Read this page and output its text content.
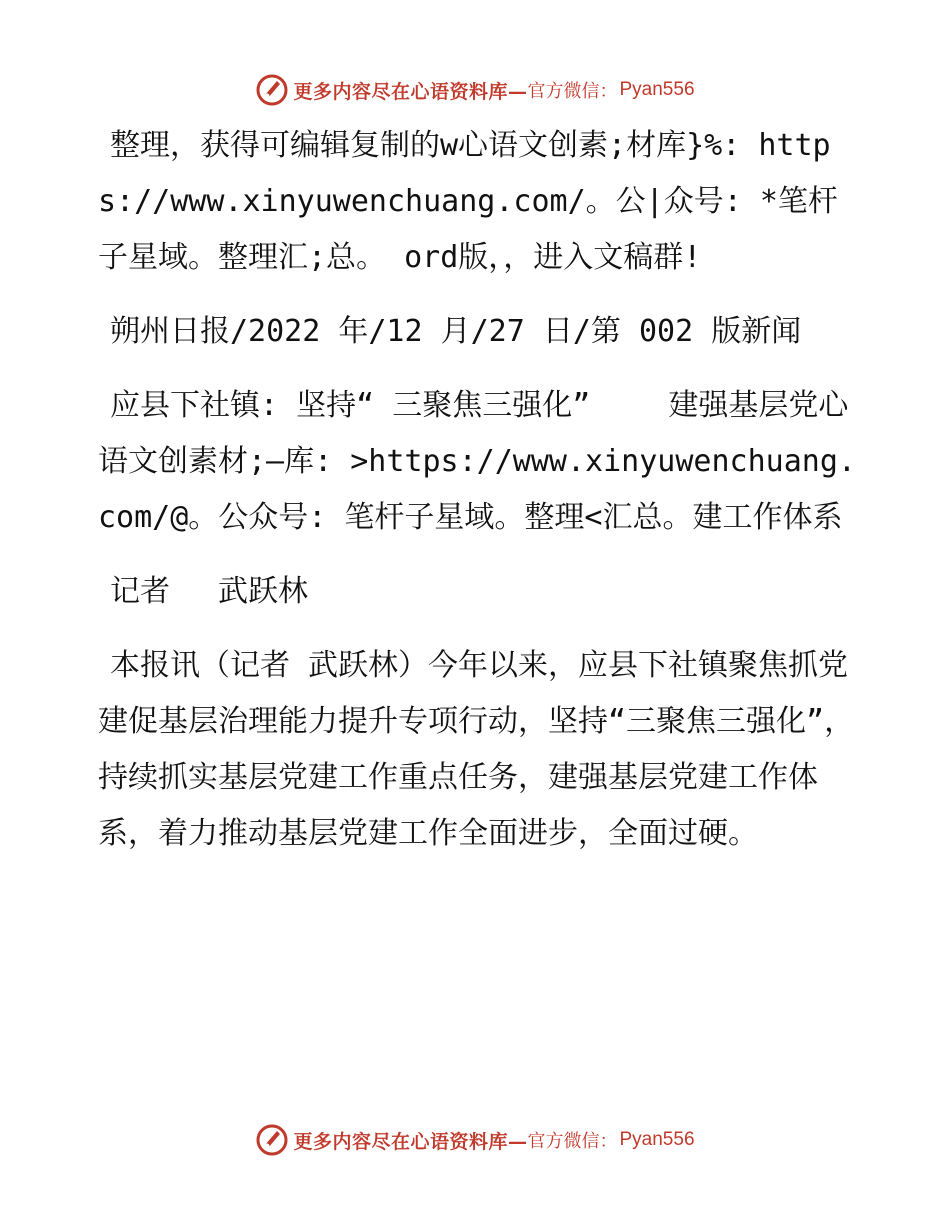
更多内容尽在心语资料库— 官方微信： Pyan556

整理，获得可编辑复制的w心语文创素;材库}%: https://www.xinyuwenchuang.com/。公|众号: *笔杆子星域。整理汇;总。 ord版，，进入文稿群!

朔州日报/2022 年/12 月/27 日/第 002 版新闻

应县下社镇: 坚持“ 三聚焦三强化”　　 建强基层党心语文创素材;—库: >https://www.xinyuwenchuang.com/@。公众号: 笔杆子星域。整理<汇总。建工作体系

记者　 武跃林

本报讯（记者 武跃林）今年以来，应县下社镇聚焦抓党建促基层治理能力提升专项行动，坚持“三聚焦三强化”，持续抓实基层党建工作重点任务，建强基层党建工作体系，着力推动基层党建工作全面进步，全面过硬。

更多内容尽在心语资料库— 官方微信： Pyan556
